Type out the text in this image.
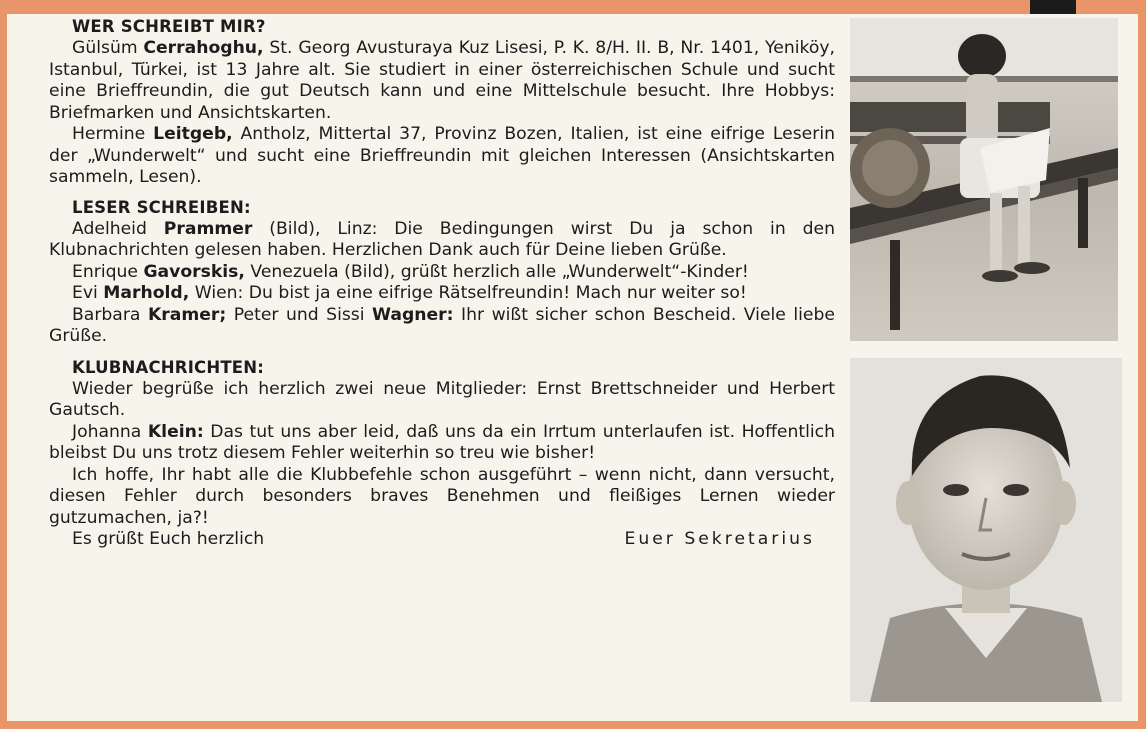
WER SCHREIBT MIR?

Gülsüm Cerrahoghu, St. Georg Avusturaya Kuz Lisesi, P. K. 8/H. II. B, Nr. 1401, Yeniköy, Istanbul, Türkei, ist 13 Jahre alt. Sie studiert in einer österreichischen Schule und sucht eine Brieffreundin, die gut Deutsch kann und eine Mittelschule besucht. Ihre Hobbys: Briefmarken und Ansichtskarten.

Hermine Leitgeb, Antholz, Mittertal 37, Provinz Bozen, Italien, ist eine eifrige Leserin der „Wunderwelt“ und sucht eine Brieffreundin mit gleichen Interessen (Ansichtskarten sammeln, Lesen).

LESER SCHREIBEN:

Adelheid Prammer (Bild), Linz: Die Bedingungen wirst Du ja schon in den Klubnachrichten gelesen haben. Herzlichen Dank auch für Deine lieben Grüße.

Enrique Gavorskis, Venezuela (Bild), grüßt herzlich alle „Wunderwelt“-Kinder!

Evi Marhold, Wien: Du bist ja eine eifrige Rätselfreundin! Mach nur weiter so!

Barbara Kramer; Peter und Sissi Wagner: Ihr wißt sicher schon Bescheid. Viele liebe Grüße.

KLUBNACHRICHTEN:

Wieder begrüße ich herzlich zwei neue Mitglieder: Ernst Brettschneider und Herbert Gautsch.

Johanna Klein: Das tut uns aber leid, daß uns da ein Irrtum unterlaufen ist. Hoffentlich bleibst Du uns trotz diesem Fehler weiterhin so treu wie bisher!

Ich hoffe, Ihr habt alle die Klubbefehle schon ausgeführt – wenn nicht, dann versucht, diesen Fehler durch besonders braves Benehmen und fleißiges Lernen wieder gutzumachen, ja?!

Es grüßt Euch herzlich	Euer Sekretarius
